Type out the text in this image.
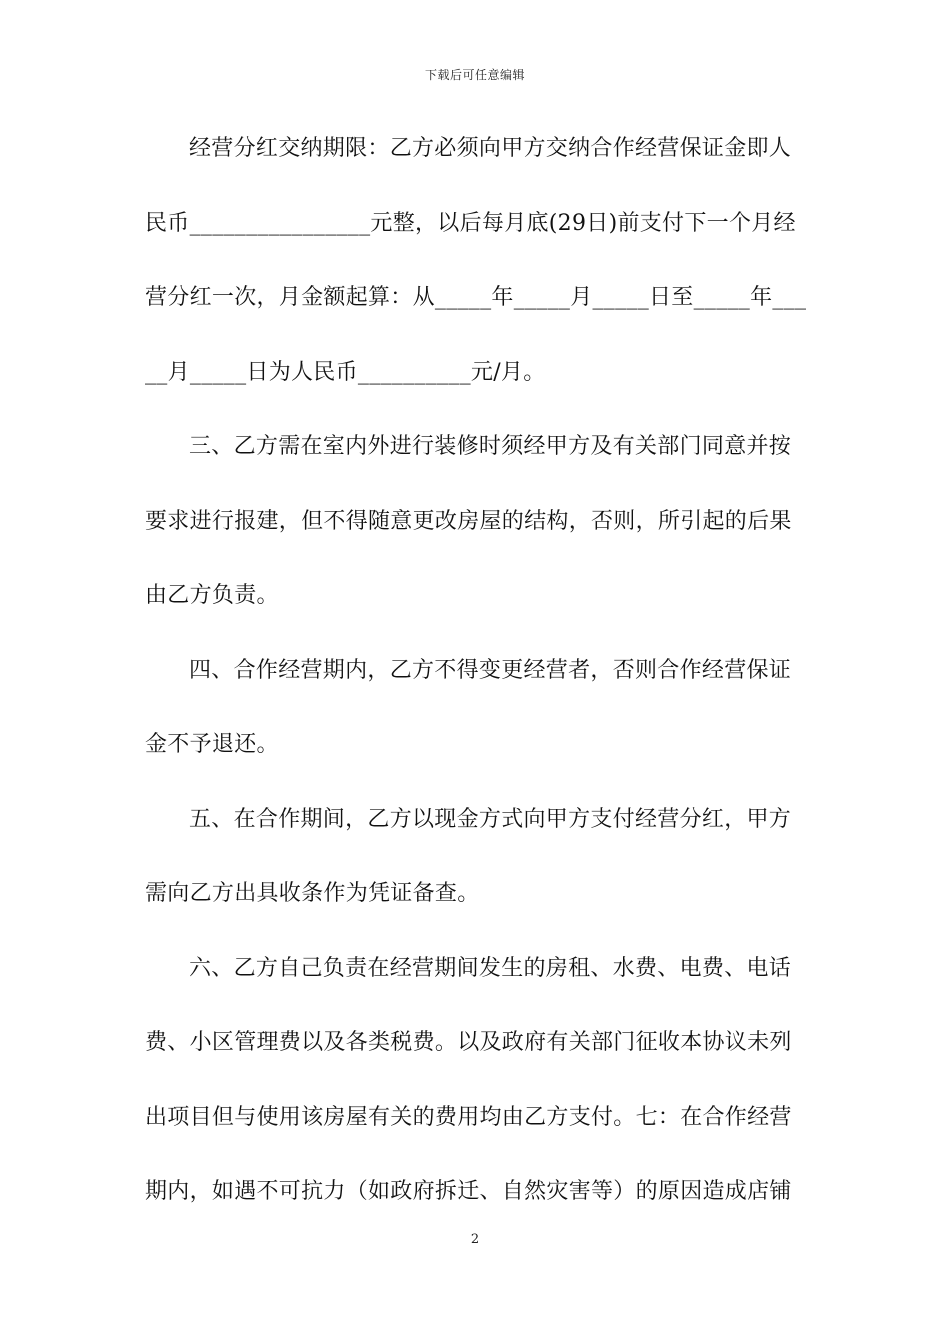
下载后可任意编辑
经营分红交纳期限：乙方必须向甲方交纳合作经营保证金即人
民币________________元整，以后每月底(29日)前支付下一个月经
营分红一次，月金额起算：从_____年_____月_____日至_____年___
__月_____日为人民币__________元/月。
三、乙方需在室内外进行装修时须经甲方及有关部门同意并按
要求进行报建，但不得随意更改房屋的结构，否则，所引起的后果
由乙方负责。
四、合作经营期内，乙方不得变更经营者，否则合作经营保证
金不予退还。
五、在合作期间，乙方以现金方式向甲方支付经营分红，甲方
需向乙方出具收条作为凭证备查。
六、乙方自己负责在经营期间发生的房租、水费、电费、电话
费、小区管理费以及各类税费。以及政府有关部门征收本协议未列
出项目但与使用该房屋有关的费用均由乙方支付。七：在合作经营
期内，如遇不可抗力（如政府拆迁、自然灾害等）的原因造成店铺
2
